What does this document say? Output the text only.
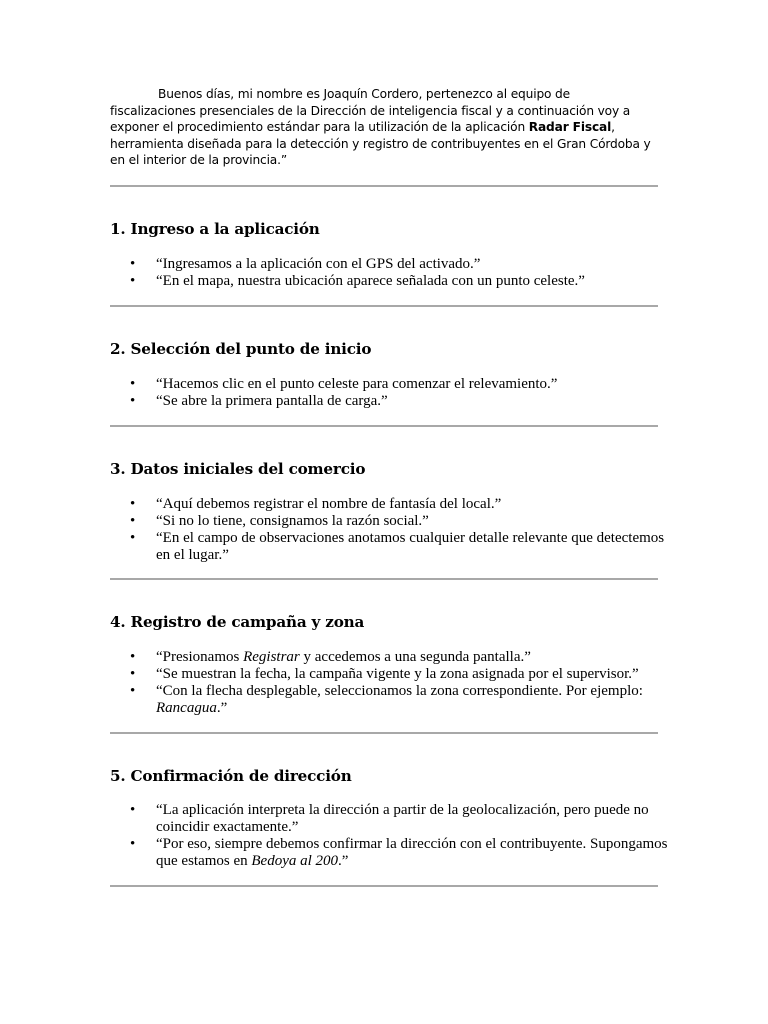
Buenos días, mi nombre es Joaquín Cordero, pertenezco al equipo de fiscalizaciones presenciales de la Dirección de inteligencia fiscal y a continuación voy a exponer el procedimiento estándar para la utilización de la aplicación Radar Fiscal, herramienta diseñada para la detección y registro de contribuyentes en el Gran Córdoba y en el interior de la provincia.”

1. Ingreso a la aplicación
• “Ingresamos a la aplicación con el GPS del activado.”
• “En el mapa, nuestra ubicación aparece señalada con un punto celeste.”
2. Selección del punto de inicio
• “Hacemos clic en el punto celeste para comenzar el relevamiento.”
• “Se abre la primera pantalla de carga.”
3. Datos iniciales del comercio
• “Aquí debemos registrar el nombre de fantasía del local.”
• “Si no lo tiene, consignamos la razón social.”
• “En el campo de observaciones anotamos cualquier detalle relevante que detectemos en el lugar.”
4. Registro de campaña y zona
• “Presionamos Registrar y accedemos a una segunda pantalla.”
• “Se muestran la fecha, la campaña vigente y la zona asignada por el supervisor.”
• “Con la flecha desplegable, seleccionamos la zona correspondiente. Por ejemplo: Rancagua.”
5. Confirmación de dirección
• “La aplicación interpreta la dirección a partir de la geolocalización, pero puede no coincidir exactamente.”
• “Por eso, siempre debemos confirmar la dirección con el contribuyente. Supongamos que estamos en Bedoya al 200.”
